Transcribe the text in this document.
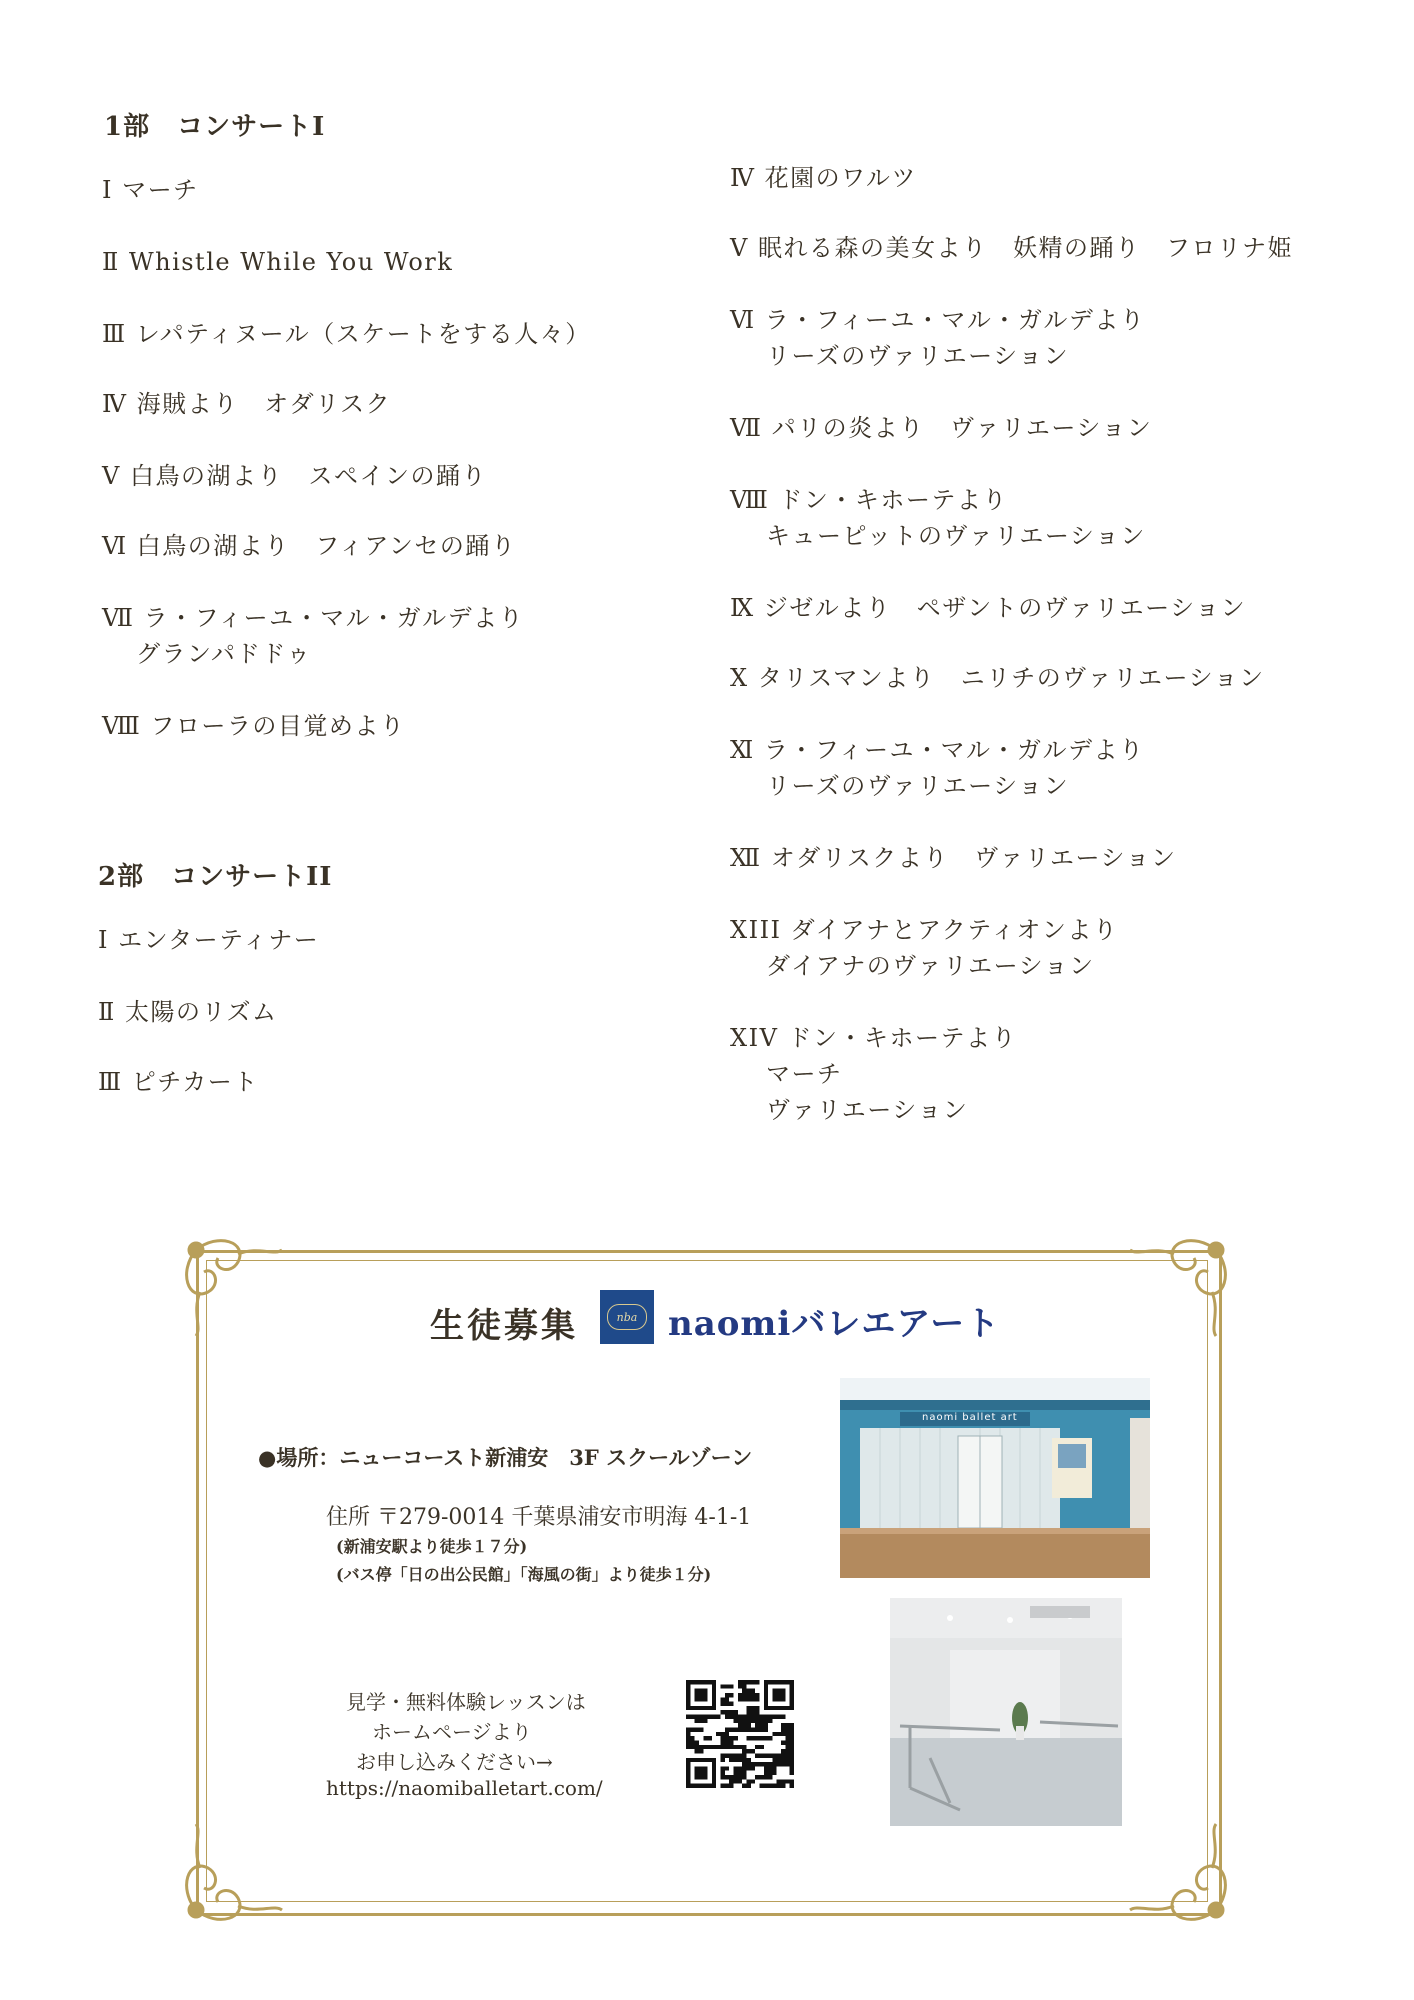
1部　コンサートⅠ
Ⅰ マーチ
Ⅱ Whistle While You Work
Ⅲ レパティヌール（スケートをする人々）
Ⅳ 海賊より　オダリスク
Ⅴ 白鳥の湖より　スペインの踊り
Ⅵ 白鳥の湖より　フィアンセの踊り
Ⅶ ラ・フィーユ・マル・ガルデより
グランパドドゥ
Ⅷ フローラの目覚めより
2部　コンサートII
I エンターティナー
Ⅱ 太陽のリズム
Ⅲ ピチカート
Ⅳ 花園のワルツ
Ⅴ 眠れる森の美女より　妖精の踊り　フロリナ姫
Ⅵ ラ・フィーユ・マル・ガルデより
リーズのヴァリエーション
Ⅶ パリの炎より　ヴァリエーション
Ⅷ ドン・キホーテより
キューピットのヴァリエーション
Ⅸ ジゼルより　ペザントのヴァリエーション
Ⅹ タリスマンより　ニリチのヴァリエーション
Ⅺ ラ・フィーユ・マル・ガルデより
リーズのヴァリエーション
Ⅻ オダリスクより　ヴァリエーション
XIII ダイアナとアクティオンより
ダイアナのヴァリエーション
XIV ドン・キホーテより
マーチ
ヴァリエーション
生徒募集	nba naomiバレエアート
●場所：ニューコースト新浦安　3F スクールゾーン
住所 〒279-0014 千葉県浦安市明海 4-1-1
(新浦安駅より徒歩１７分)
(バス停「日の出公民館」「海風の街」より徒歩１分)
見学・無料体験レッスンは
ホームページより
お申し込みください→
https://naomiballetart.com/
naomi ballet art
